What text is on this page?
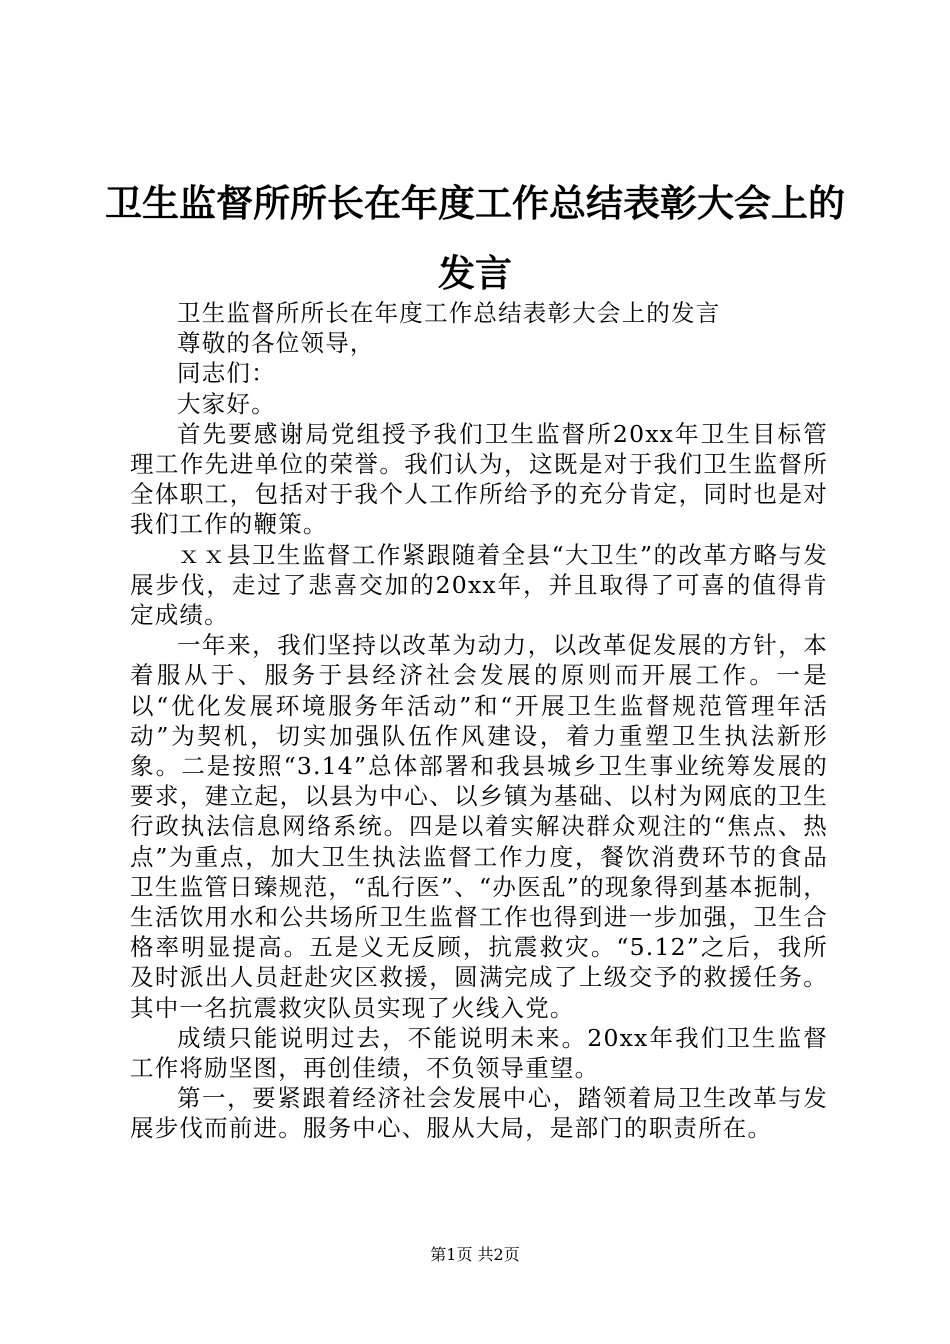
卫生监督所所长在年度工作总结表彰大会上的发言

卫生监督所所长在年度工作总结表彰大会上的发言

尊敬的各位领导，

同志们：

大家好。

首先要感谢局党组授予我们卫生监督所20xx年卫生目标管理工作先进单位的荣誉。我们认为，这既是对于我们卫生监督所全体职工，包括对于我个人工作所给予的充分肯定，同时也是对我们工作的鞭策。

ｘｘ县卫生监督工作紧跟随着全县“大卫生”的改革方略与发展步伐，走过了悲喜交加的20xx年，并且取得了可喜的值得肯定成绩。

一年来，我们坚持以改革为动力，以改革促发展的方针，本着服从于、服务于县经济社会发展的原则而开展工作。一是以“优化发展环境服务年活动”和“开展卫生监督规范管理年活动”为契机，切实加强队伍作风建设，着力重塑卫生执法新形象。二是按照“3.14”总体部署和我县城乡卫生事业统筹发展的要求，建立起，以县为中心、以乡镇为基础、以村为网底的卫生行政执法信息网络系统。四是以着实解决群众观注的“焦点、热点”为重点，加大卫生执法监督工作力度，餐饮消费环节的食品卫生监管日臻规范，“乱行医”、“办医乱”的现象得到基本扼制，生活饮用水和公共场所卫生监督工作也得到进一步加强，卫生合格率明显提高。五是义无反顾，抗震救灾。“5.12”之后，我所及时派出人员赶赴灾区救援，圆满完成了上级交予的救援任务。其中一名抗震救灾队员实现了火线入党。

成绩只能说明过去，不能说明未来。20xx年我们卫生监督工作将励坚图，再创佳绩，不负领导重望。

第一，要紧跟着经济社会发展中心，踏领着局卫生改革与发展步伐而前进。服务中心、服从大局，是部门的职责所在。

第1页 共2页
